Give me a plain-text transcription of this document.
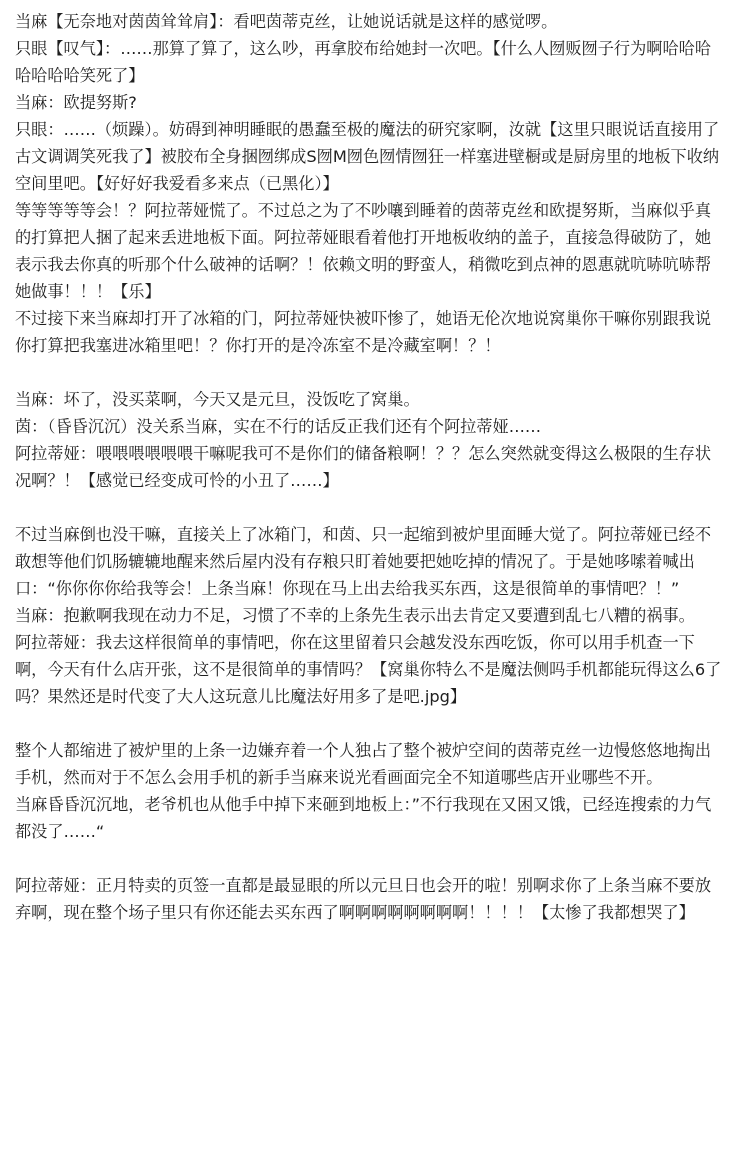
当麻【无奈地对茵茵耸耸肩】：看吧茵蒂克丝，让她说话就是这样的感觉啰。

只眼【叹气】：……那算了算了，这么吵，再拿胶布给她封一次吧。【什么人囫贩囫子行为啊哈哈哈哈哈哈哈笑死了】

当麻：欧提努斯?

只眼：……（烦躁）。妨碍到神明睡眠的愚蠢至极的魔法的研究家啊，汝就【这里只眼说话直接用了古文调调笑死我了】被胶布全身捆囫绑成S囫M囫色囫情囫狂一样塞进壁橱或是厨房里的地板下收纳空间里吧。【好好好我爱看多来点（已黑化）】

等等等等等会！？阿拉蒂娅慌了。不过总之为了不吵嚷到睡着的茵蒂克丝和欧提努斯，当麻似乎真的打算把人捆了起来丢进地板下面。阿拉蒂娅眼看着他打开地板收纳的盖子，直接急得破防了，她表示我去你真的听那个什么破神的话啊？！依赖文明的野蛮人，稍微吃到点神的恩惠就吭哧吭哧帮她做事！！！【乐】

不过接下来当麻却打开了冰箱的门，阿拉蒂娅快被吓惨了，她语无伦次地说窝巢你干嘛你别跟我说你打算把我塞进冰箱里吧！？你打开的是冷冻室不是冷藏室啊！？！

当麻：坏了，没买菜啊，今天又是元旦，没饭吃了窝巢。

茵：（昏昏沉沉）没关系当麻，实在不行的话反正我们还有个阿拉蒂娅……

阿拉蒂娅：喂喂喂喂喂喂干嘛呢我可不是你们的储备粮啊！？？怎么突然就变得这么极限的生存状况啊？！【感觉已经变成可怜的小丑了……】

不过当麻倒也没干嘛，直接关上了冰箱门，和茵、只一起缩到被炉里面睡大觉了。阿拉蒂娅已经不敢想等他们饥肠辘辘地醒来然后屋内没有存粮只盯着她要把她吃掉的情况了。于是她哆嗦着喊出口：“你你你你给我等会！上条当麻！你现在马上出去给我买东西，这是很简单的事情吧？！”

当麻：抱歉啊我现在动力不足，习惯了不幸的上条先生表示出去肯定又要遭到乱七八糟的祸事。

阿拉蒂娅：我去这样很简单的事情吧，你在这里留着只会越发没东西吃饭，你可以用手机查一下啊，今天有什么店开张，这不是很简单的事情吗？【窝巢你特么不是魔法侧吗手机都能玩得这么6了吗？果然还是时代变了大人这玩意儿比魔法好用多了是吧.jpg】

整个人都缩进了被炉里的上条一边嫌弃着一个人独占了整个被炉空间的茵蒂克丝一边慢悠悠地掏出手机，然而对于不怎么会用手机的新手当麻来说光看画面完全不知道哪些店开业哪些不开。

当麻昏昏沉沉地，老爷机也从他手中掉下来砸到地板上：”不行我现在又困又饿，已经连搜索的力气都没了……“

阿拉蒂娅：正月特卖的页签一直都是最显眼的所以元旦日也会开的啦！别啊求你了上条当麻不要放弃啊，现在整个场子里只有你还能去买东西了啊啊啊啊啊啊啊啊！！！！【太惨了我都想哭了】
